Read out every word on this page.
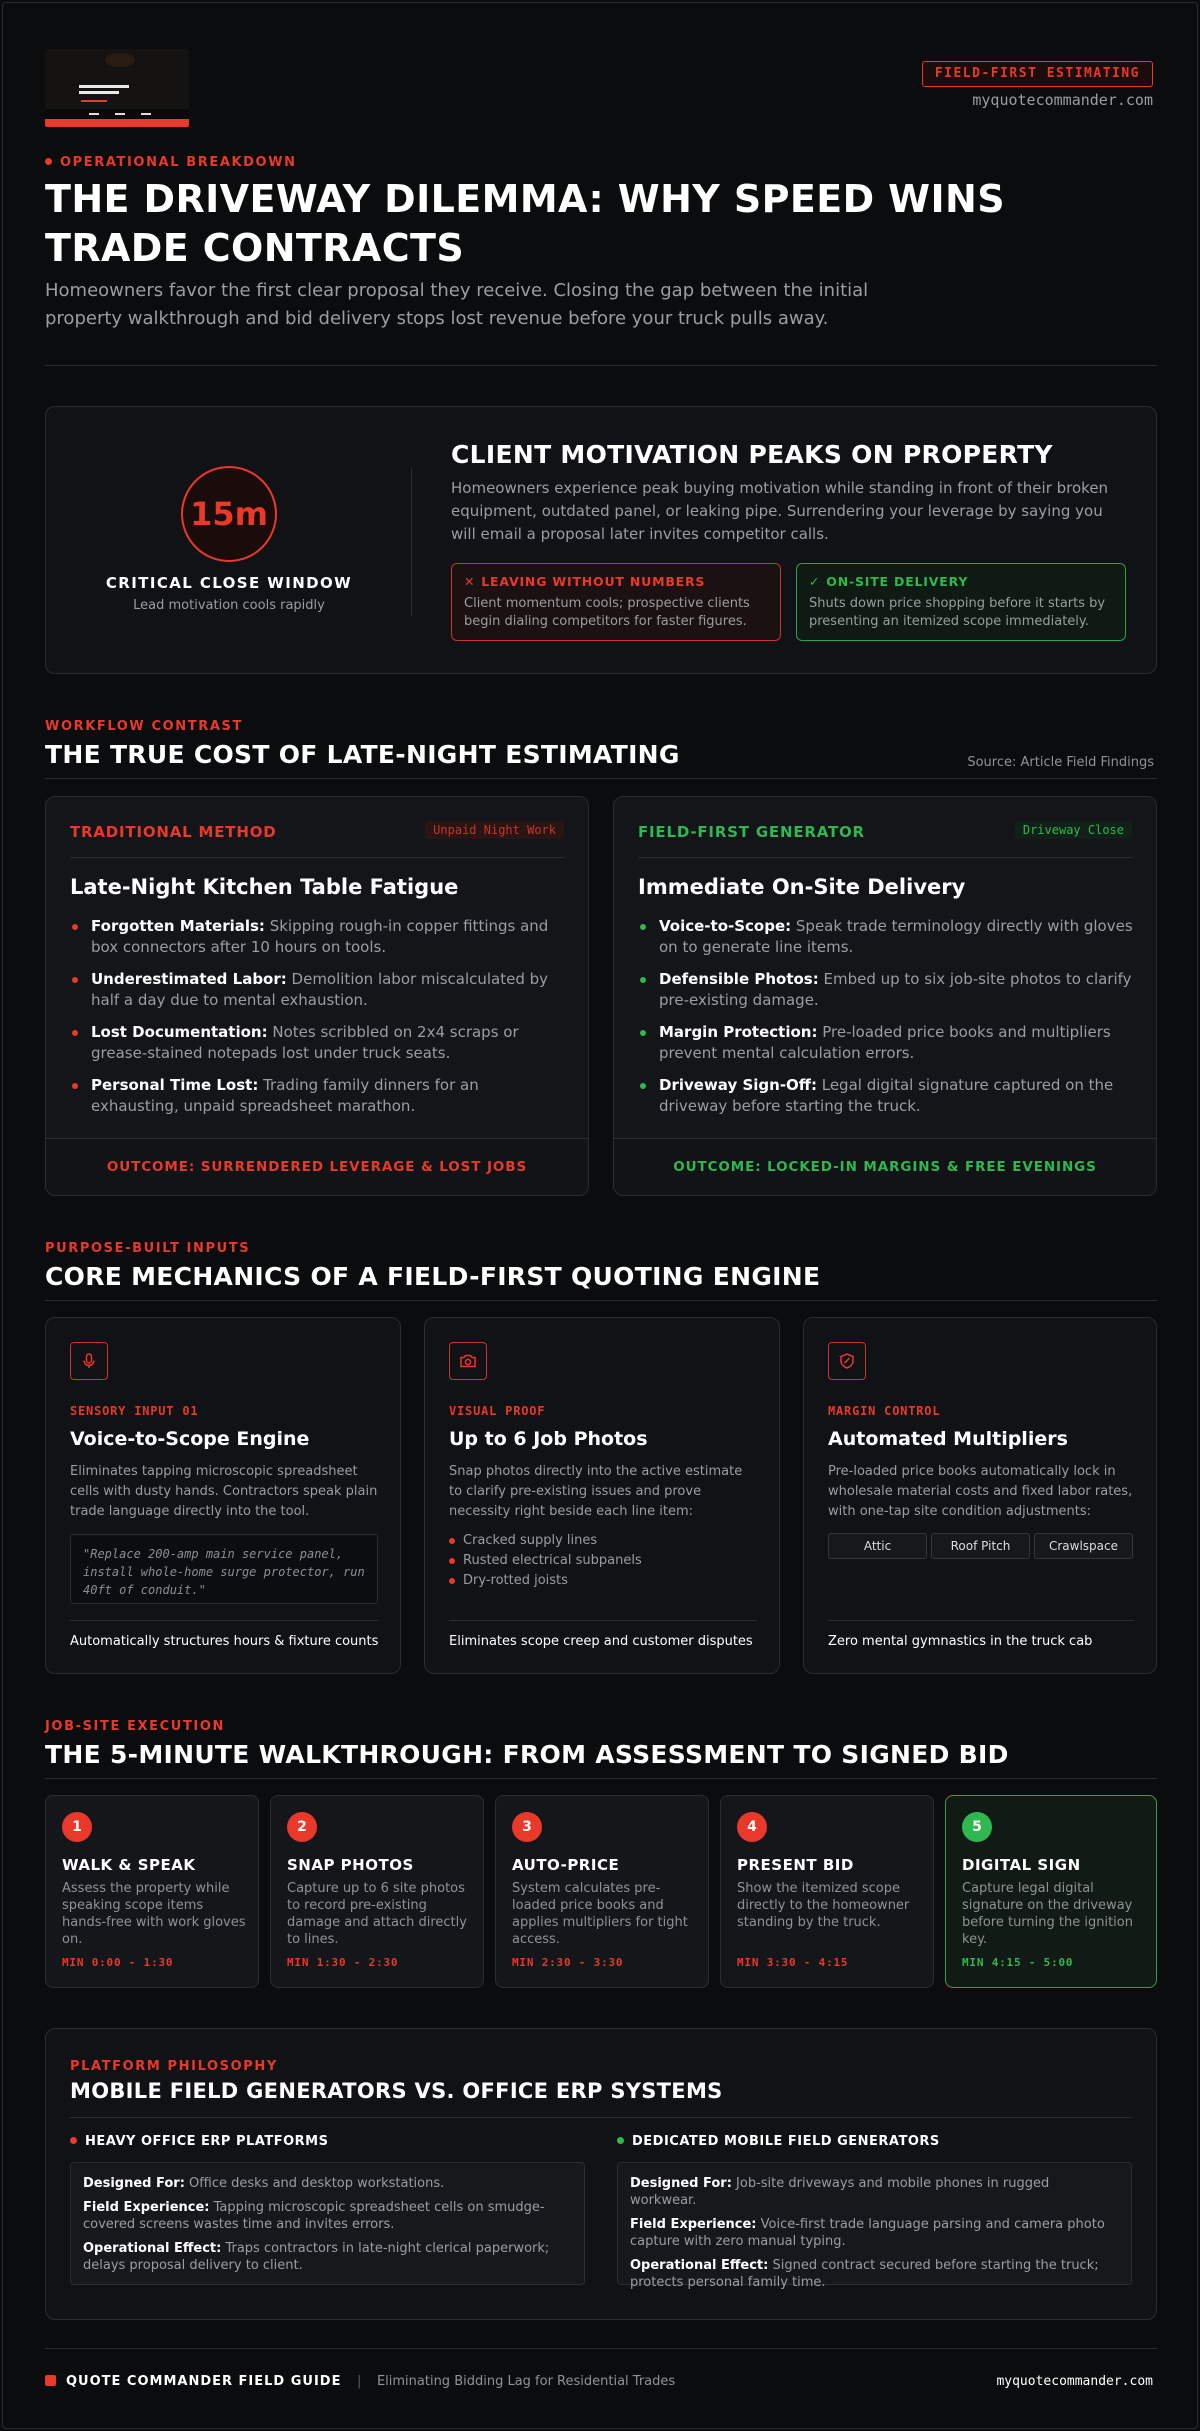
FIELD-FIRST ESTIMATING
myquotecommander.com
OPERATIONAL BREAKDOWN
THE DRIVEWAY DILEMMA: WHY SPEED WINS TRADE CONTRACTS

Homeowners favor the first clear proposal they receive. Closing the gap between the initial property walkthrough and bid delivery stops lost revenue before your truck pulls away.

15m
CRITICAL CLOSE WINDOW
Lead motivation cools rapidly
CLIENT MOTIVATION PEAKS ON PROPERTY

Homeowners experience peak buying motivation while standing in front of their broken equipment, outdated panel, or leaking pipe. Surrendering your leverage by saying you will email a proposal later invites competitor calls.

✕ LEAVING WITHOUT NUMBERS
Client momentum cools; prospective clients begin dialing competitors for faster figures.
✓ ON-SITE DELIVERY
Shuts down price shopping before it starts by presenting an itemized scope immediately.
WORKFLOW CONTRAST
THE TRUE COST OF LATE-NIGHT ESTIMATING	Source: Article Field Findings
TRADITIONAL METHOD	Unpaid Night Work
Late-Night Kitchen Table Fatigue
Forgotten Materials: Skipping rough-in copper fittings and box connectors after 10 hours on tools.
Underestimated Labor: Demolition labor miscalculated by half a day due to mental exhaustion.
Lost Documentation: Notes scribbled on 2x4 scraps or grease-stained notepads lost under truck seats.
Personal Time Lost: Trading family dinners for an exhausting, unpaid spreadsheet marathon.
OUTCOME: SURRENDERED LEVERAGE & LOST JOBS
FIELD-FIRST GENERATOR	Driveway Close
Immediate On-Site Delivery
Voice-to-Scope: Speak trade terminology directly with gloves on to generate line items.
Defensible Photos: Embed up to six job-site photos to clarify pre-existing damage.
Margin Protection: Pre-loaded price books and multipliers prevent mental calculation errors.
Driveway Sign-Off: Legal digital signature captured on the driveway before starting the truck.
OUTCOME: LOCKED-IN MARGINS & FREE EVENINGS
PURPOSE-BUILT INPUTS
CORE MECHANICS OF A FIELD-FIRST QUOTING ENGINE
SENSORY INPUT 01
Voice-to-Scope Engine

Eliminates tapping microscopic spreadsheet cells with dusty hands. Contractors speak plain trade language directly into the tool.

"Replace 200-amp main service panel, install whole-home surge protector, run 40ft of conduit."
Automatically structures hours & fixture counts
VISUAL PROOF
Up to 6 Job Photos

Snap photos directly into the active estimate to clarify pre-existing issues and prove necessity right beside each line item:

Cracked supply lines
Rusted electrical subpanels
Dry-rotted joists
Eliminates scope creep and customer disputes
MARGIN CONTROL
Automated Multipliers

Pre-loaded price books automatically lock in wholesale material costs and fixed labor rates, with one-tap site condition adjustments:

Attic	Roof Pitch	Crawlspace
Zero mental gymnastics in the truck cab
JOB-SITE EXECUTION
THE 5-MINUTE WALKTHROUGH: FROM ASSESSMENT TO SIGNED BID
1
WALK & SPEAK

Assess the property while speaking scope items hands-free with work gloves on.

MIN 0:00 - 1:30
2
SNAP PHOTOS

Capture up to 6 site photos to record pre-existing damage and attach directly to lines.

MIN 1:30 - 2:30
3
AUTO-PRICE

System calculates pre-loaded price books and applies multipliers for tight access.

MIN 2:30 - 3:30
4
PRESENT BID

Show the itemized scope directly to the homeowner standing by the truck.

MIN 3:30 - 4:15
5
DIGITAL SIGN

Capture legal digital signature on the driveway before turning the ignition key.

MIN 4:15 - 5:00
PLATFORM PHILOSOPHY
MOBILE FIELD GENERATORS VS. OFFICE ERP SYSTEMS
HEAVY OFFICE ERP PLATFORMS
Designed For: Office desks and desktop workstations.
Field Experience: Tapping microscopic spreadsheet cells on smudge-covered screens wastes time and invites errors.
Operational Effect: Traps contractors in late-night clerical paperwork; delays proposal delivery to client.
DEDICATED MOBILE FIELD GENERATORS
Designed For: Job-site driveways and mobile phones in rugged workwear.
Field Experience: Voice-first trade language parsing and camera photo capture with zero manual typing.
Operational Effect: Signed contract secured before starting the truck; protects personal family time.
QUOTE COMMANDER FIELD GUIDE | Eliminating Bidding Lag for Residential Trades	myquotecommander.com
